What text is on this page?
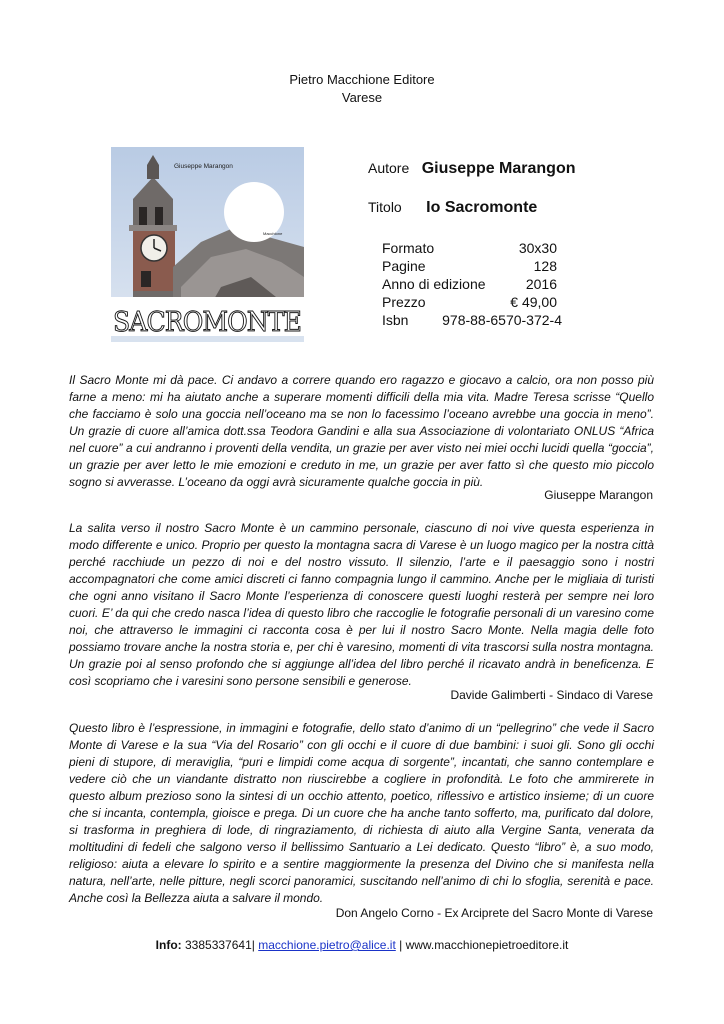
Pietro Macchione Editore
Varese
Giuseppe Marangon
Macchione
SACROMONTE
Autore Giuseppe Marangon
Titolo Io Sacromonte
Formato	30x30
Pagine	128
Anno di edizione	2016
Prezzo	€ 49,00
Isbn 978-88-6570-372-4
Il Sacro Monte mi dà pace. Ci andavo a correre quando ero ragazzo e giocavo a calcio, ora non posso più farne a meno: mi ha aiutato anche a superare momenti difficili della mia vita. Madre Teresa scrisse “Quello che facciamo è solo una goccia nell’oceano ma se non lo facessimo l’oceano avrebbe una goccia in meno”. Un grazie di cuore all’amica dott.ssa Teodora Gandini e alla sua Associazione di volontariato ONLUS “Africa nel cuore” a cui andranno i proventi della vendita, un grazie per aver visto nei miei occhi lucidi quella “goccia”, un grazie per aver letto le mie emozioni e creduto in me, un grazie per aver fatto sì che questo mio piccolo sogno si avverasse. L’oceano da oggi avrà sicuramente qualche goccia in più.
Giuseppe Marangon
La salita verso il nostro Sacro Monte è un cammino personale, ciascuno di noi vive questa esperienza in modo differente e unico. Proprio per questo la montagna sacra di Varese è un luogo magico per la nostra città perché racchiude un pezzo di noi e del nostro vissuto. Il silenzio, l’arte e il paesaggio sono i nostri accompagnatori che come amici discreti ci fanno compagnia lungo il cammino. Anche per le migliaia di turisti che ogni anno visitano il Sacro Monte l’esperienza di conoscere questi luoghi resterà per sempre nei loro cuori. E’ da qui che credo nasca l’idea di questo libro che raccoglie le fotografie personali di un varesino come noi, che attraverso le immagini ci racconta cosa è per lui il nostro Sacro Monte. Nella magia delle foto possiamo trovare anche la nostra storia e, per chi è varesino, momenti di vita trascorsi sulla nostra montagna. Un grazie poi al senso profondo che si aggiunge all’idea del libro perché il ricavato andrà in beneficenza. E così scopriamo che i varesini sono persone sensibili e generose.
Davide Galimberti - Sindaco di Varese
Questo libro è l’espressione, in immagini e fotografie, dello stato d’animo di un “pellegrino” che vede il Sacro Monte di Varese e la sua “Via del Rosario” con gli occhi e il cuore di due bambini: i suoi gli. Sono gli occhi pieni di stupore, di meraviglia, “puri e limpidi come acqua di sorgente”, incantati, che sanno contemplare e vedere ciò che un viandante distratto non riuscirebbe a cogliere in profondità. Le foto che ammirerete in questo album prezioso sono la sintesi di un occhio attento, poetico, riflessivo e artistico insieme; di un cuore che si incanta, contempla, gioisce e prega. Di un cuore che ha anche tanto sofferto, ma, purificato dal dolore, si trasforma in preghiera di lode, di ringraziamento, di richiesta di aiuto alla Vergine Santa, venerata da moltitudini di fedeli che salgono verso il bellissimo Santuario a Lei dedicato. Questo “libro” è, a suo modo, religioso: aiuta a elevare lo spirito e a sentire maggiormente la presenza del Divino che si manifesta nella natura, nell’arte, nelle pitture, negli scorci panoramici, suscitando nell’animo di chi lo sfoglia, serenità e pace. Anche così la Bellezza aiuta a salvare il mondo.
Don Angelo Corno - Ex Arciprete del Sacro Monte di Varese
Info: 3385337641| macchione.pietro@alice.it | www.macchionepietroeditore.it
